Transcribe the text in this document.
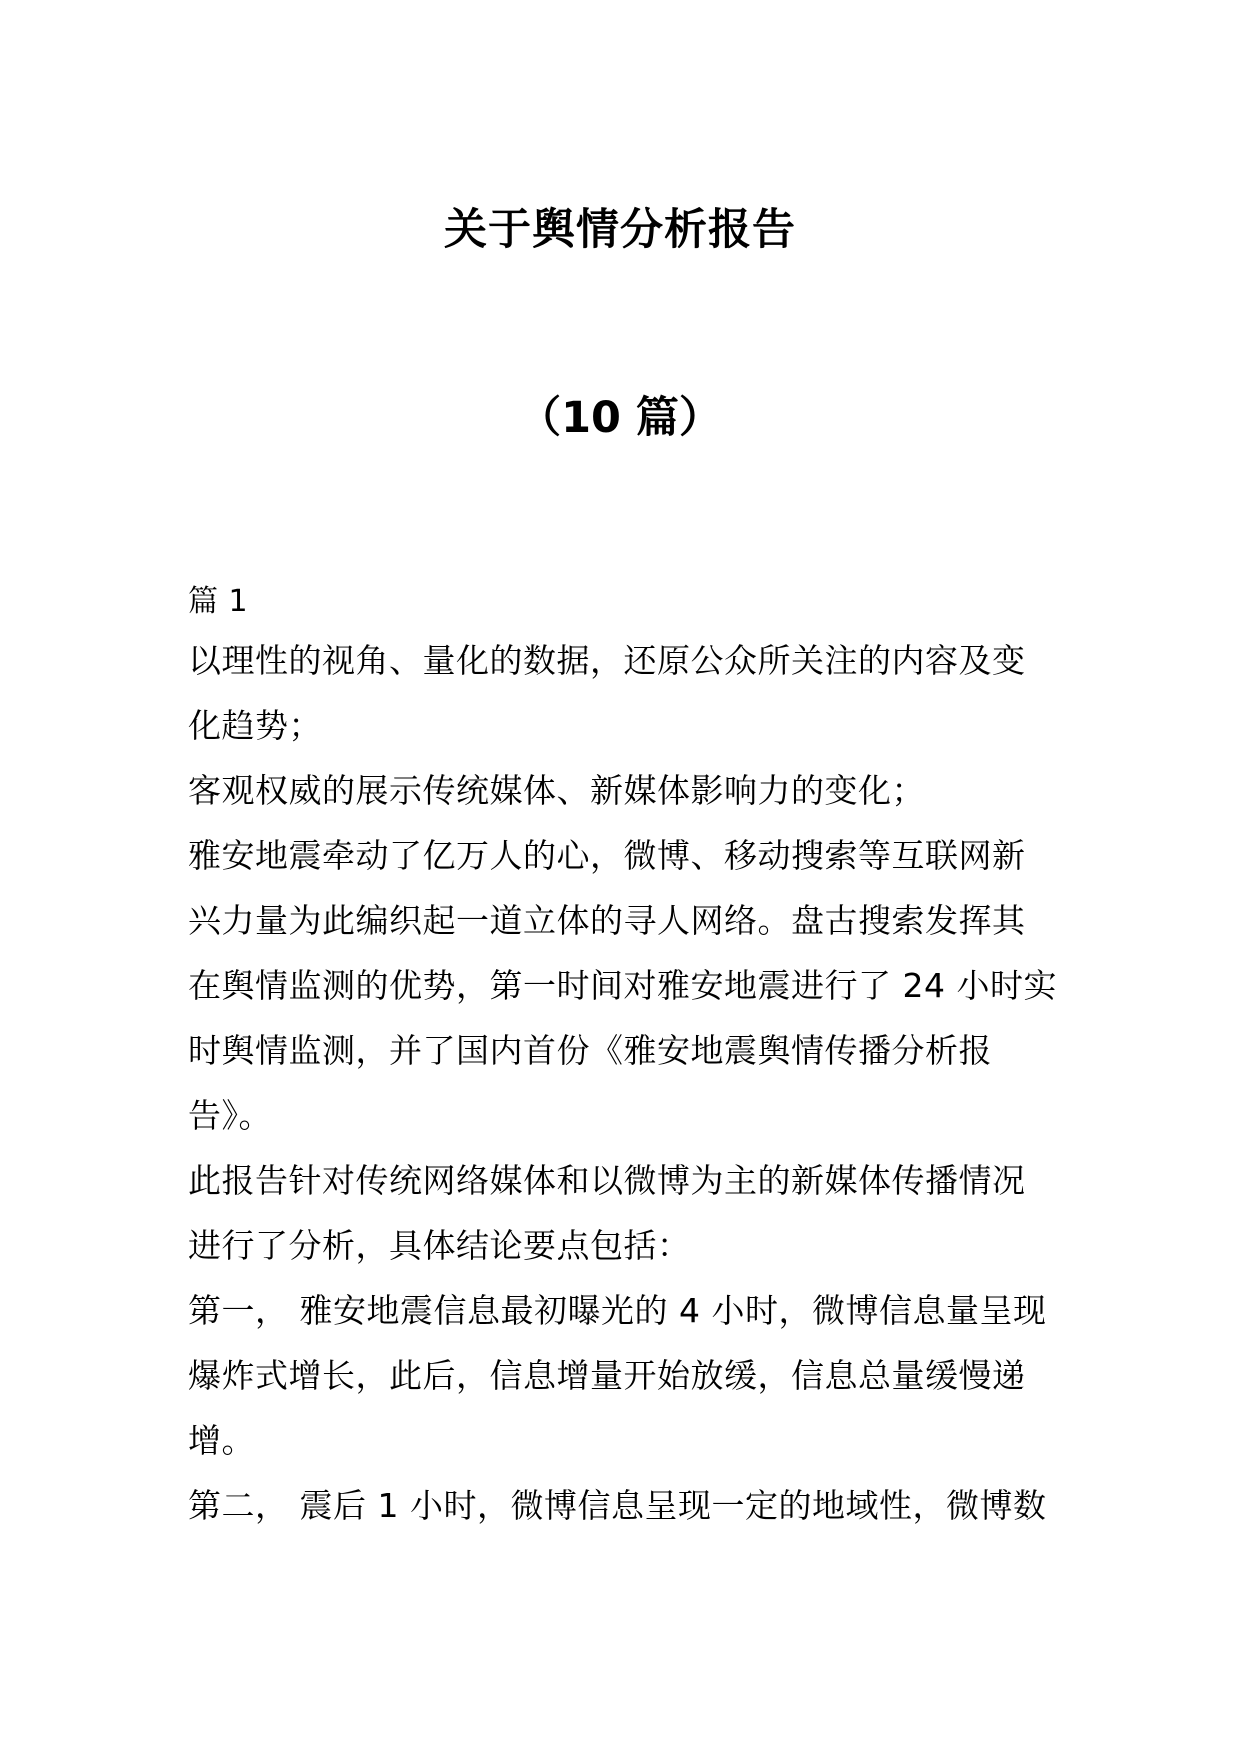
关于舆情分析报告
（10 篇）
篇 1
以理性的视角、量化的数据，还原公众所关注的内容及变
化趋势；
客观权威的展示传统媒体、新媒体影响力的变化；
雅安地震牵动了亿万人的心，微博、移动搜索等互联网新
兴力量为此编织起一道立体的寻人网络。盘古搜索发挥其
在舆情监测的优势，第一时间对雅安地震进行了 24 小时实
时舆情监测，并了国内首份《雅安地震舆情传播分析报
告》。
此报告针对传统网络媒体和以微博为主的新媒体传播情况
进行了分析，具体结论要点包括：
第一， 雅安地震信息最初曝光的 4 小时，微博信息量呈现
爆炸式增长，此后，信息增量开始放缓，信息总量缓慢递
增。
第二， 震后 1 小时，微博信息呈现一定的地域性，微博数
